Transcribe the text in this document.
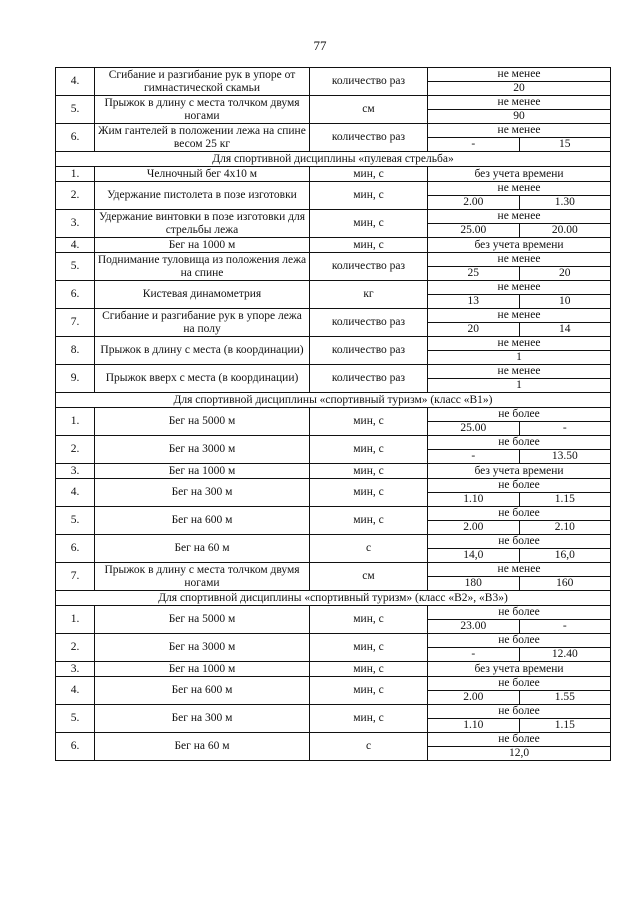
77
4.	Сгибание и разгибание рук в упоре от гимнастической скамьи	количество раз	не менее	
			20	
5.	Прыжок в длину с места толчком двумя ногами	см	не менее	
			90	
6.	Жим гантелей в положении лежа на спине весом 25 кг	количество раз	не менее	
			-	15
Для спортивной дисциплины «пулевая стрельба»				
1.	Челночный бег 4х10 м	мин, с	без учета времени	
2.	Удержание пистолета в позе изготовки	мин, с	не менее	
			2.00	1.30
3.	Удержание винтовки в позе изготовки для стрельбы лежа	мин, с	не менее	
			25.00	20.00
4.	Бег на 1000 м	мин, с	без учета времени	
5.	Поднимание туловища из положения лежа на спине	количество раз	не менее	
			25	20
6.	Кистевая динамометрия	кг	не менее	
			13	10
7.	Сгибание и разгибание рук в упоре лежа на полу	количество раз	не менее	
			20	14
8.	Прыжок в длину с места (в координации)	количество раз	не менее	
			1	
9.	Прыжок вверх с места (в координации)	количество раз	не менее	
			1	
Для спортивной дисциплины «спортивный туризм» (класс «В1»)				
1.	Бег на 5000 м	мин, с	не более	
			25.00	-
2.	Бег на 3000 м	мин, с	не более	
			-	13.50
3.	Бег на 1000 м	мин, с	без учета времени	
4.	Бег на 300 м	мин, с	не более	
			1.10	1.15
5.	Бег на 600 м	мин, с	не более	
			2.00	2.10
6.	Бег на 60 м	с	не более	
			14,0	16,0
7.	Прыжок в длину с места толчком двумя ногами	см	не менее	
			180	160
Для спортивной дисциплины «спортивный туризм» (класс «В2», «В3»)				
1.	Бег на 5000 м	мин, с	не более	
			23.00	-
2.	Бег на 3000 м	мин, с	не более	
			-	12.40
3.	Бег на 1000 м	мин, с	без учета времени	
4.	Бег на 600 м	мин, с	не более	
			2.00	1.55
5.	Бег на 300 м	мин, с	не более	
			1.10	1.15
6.	Бег на 60 м	с	не более	
			12,0	
